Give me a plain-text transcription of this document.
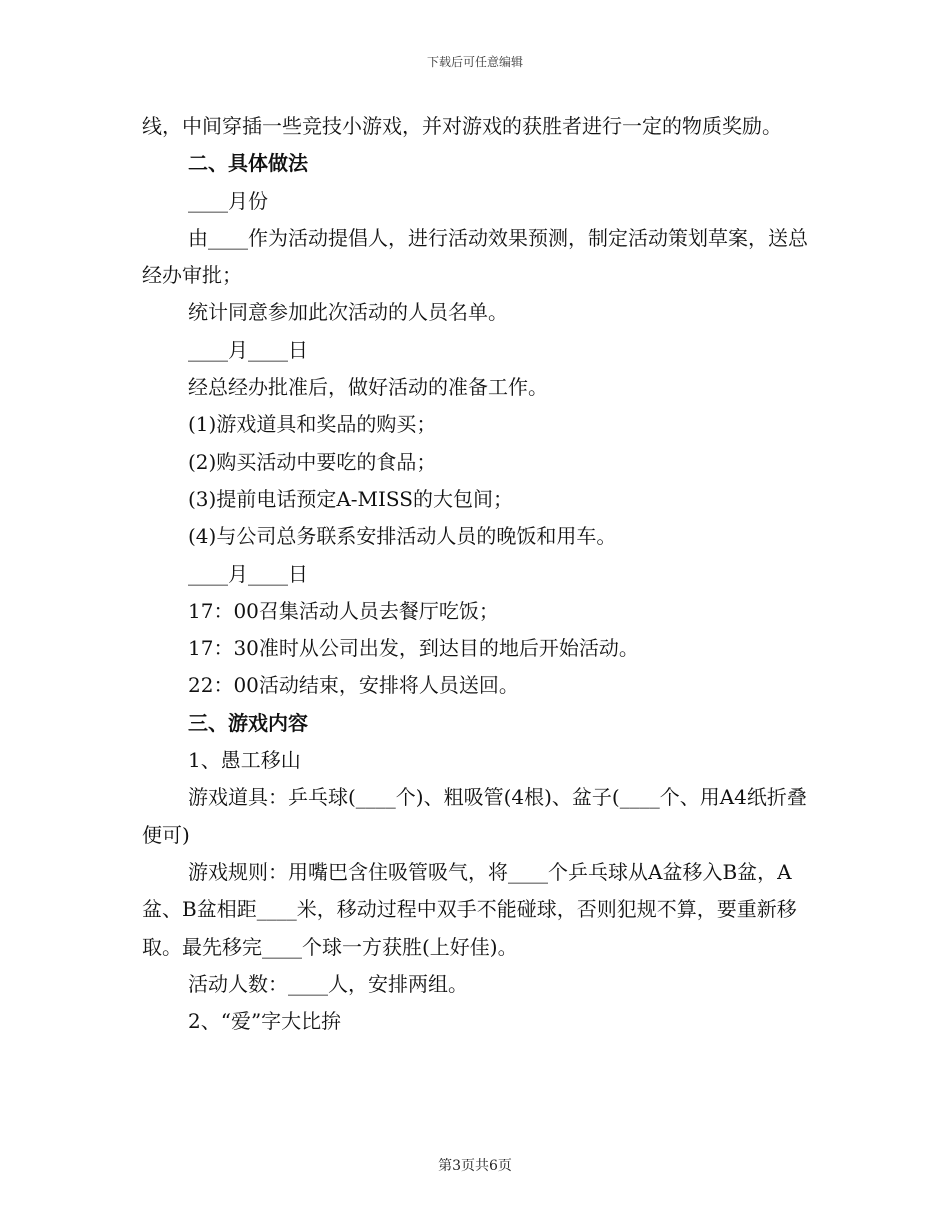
下载后可任意编辑

线，中间穿插一些竞技小游戏，并对游戏的获胜者进行一定的物质奖励。

二、具体做法

____月份

由____作为活动提倡人，进行活动效果预测，制定活动策划草案，送总经办审批；

统计同意参加此次活动的人员名单。

____月____日

经总经办批准后，做好活动的准备工作。

(1)游戏道具和奖品的购买；

(2)购买活动中要吃的食品；

(3)提前电话预定A-MISS的大包间；

(4)与公司总务联系安排活动人员的晚饭和用车。

____月____日

17：00召集活动人员去餐厅吃饭；

17：30准时从公司出发，到达目的地后开始活动。

22：00活动结束，安排将人员送回。

三、游戏内容

1、愚工移山

游戏道具：乒乓球(____个)、粗吸管(4根)、盆子(____个、用A4纸折叠便可)

游戏规则：用嘴巴含住吸管吸气，将____个乒乓球从A盆移入B盆，A盆、B盆相距____米，移动过程中双手不能碰球，否则犯规不算，要重新移取。最先移完____个球一方获胜(上好佳)。

活动人数：____人，安排两组。

2、“爱”字大比拚

第3页共6页
